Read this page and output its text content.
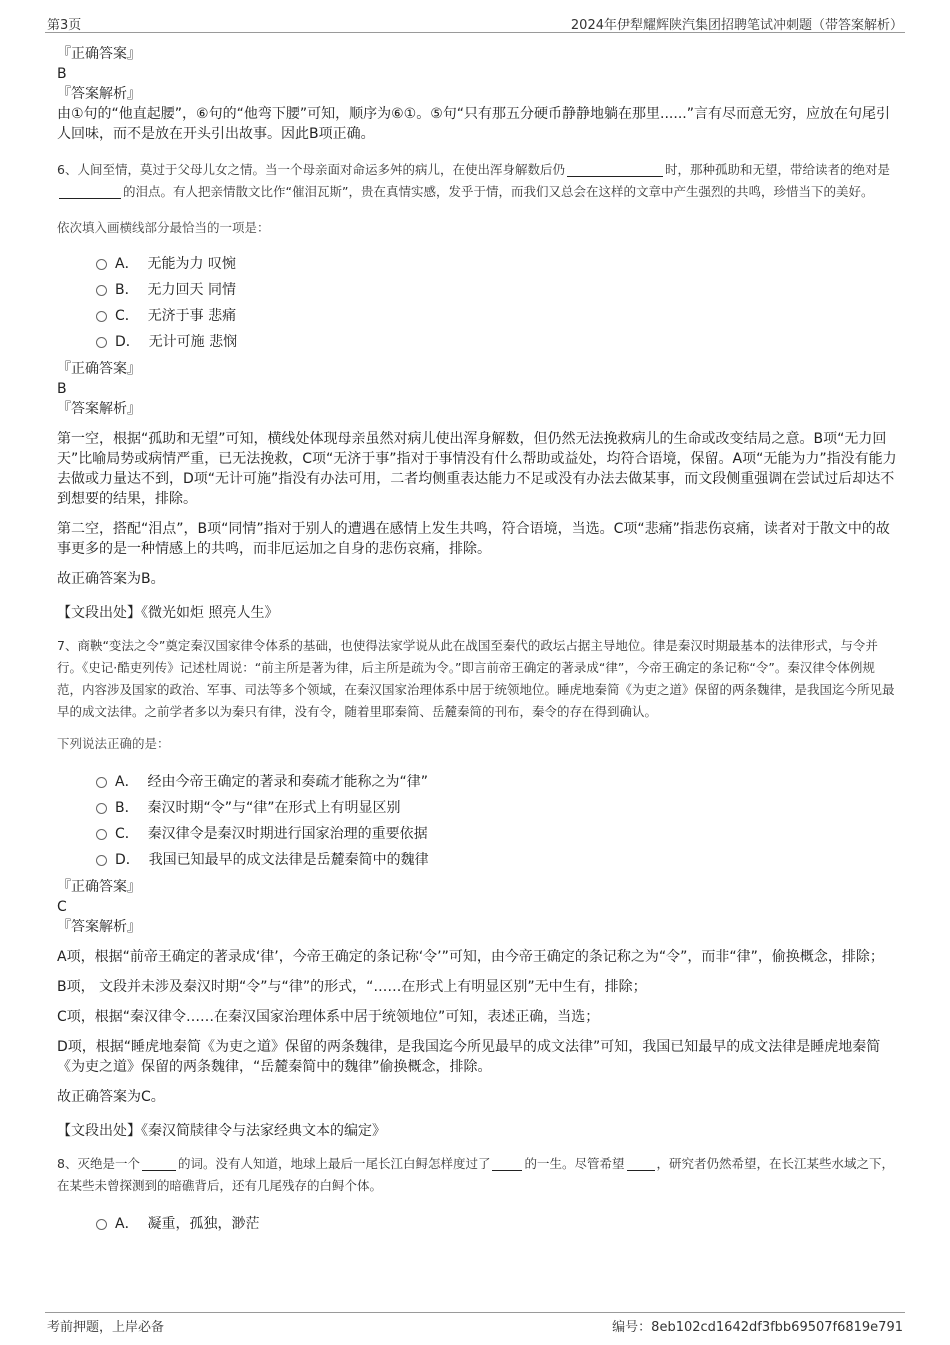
第3页	2024年伊犁耀辉陕汽集团招聘笔试冲刺题（带答案解析）
『正确答案』
B
『答案解析』
由①句的“他直起腰”，⑥句的“他弯下腰”可知，顺序为⑥①。⑤句“只有那五分硬币静静地躺在那里......”言有尽而意无穷，应放在句尾引人回味，而不是放在开头引出故事。因此B项正确。
6、人间至情，莫过于父母儿女之情。当一个母亲面对命运多舛的病儿，在使出浑身解数后仍	时，那种孤助和无望，带给读者的绝对是的泪点。有人把亲情散文比作“催泪瓦斯”，贵在真情实感，发乎于情，而我们又总会在这样的文章中产生强烈的共鸣，珍惜当下的美好。
依次填入画横线部分最恰当的一项是：
A． 无能为力 叹惋
B． 无力回天 同情
C． 无济于事 悲痛
D． 无计可施 悲悯
『正确答案』
B
『答案解析』
第一空，根据“孤助和无望”可知，横线处体现母亲虽然对病儿使出浑身解数，但仍然无法挽救病儿的生命或改变结局之意。B项“无力回天”比喻局势或病情严重，已无法挽救，C项“无济于事”指对于事情没有什么帮助或益处，均符合语境，保留。A项“无能为力”指没有能力去做或力量达不到，D项“无计可施”指没有办法可用，二者均侧重表达能力不足或没有办法去做某事，而文段侧重强调在尝试过后却达不到想要的结果，排除。
第二空，搭配“泪点”，B项“同情”指对于别人的遭遇在感情上发生共鸣，符合语境，当选。C项“悲痛”指悲伤哀痛，读者对于散文中的故事更多的是一种情感上的共鸣，而非厄运加之自身的悲伤哀痛，排除。
故正确答案为B。
【文段出处】《微光如炬 照亮人生》
7、商鞅“变法之令”奠定秦汉国家律令体系的基础，也使得法家学说从此在战国至秦代的政坛占据主导地位。律是秦汉时期最基本的法律形式，与令并行。《史记·酷吏列传》记述杜周说：“前主所是著为律，后主所是疏为令。”即言前帝王确定的著录成“律”，今帝王确定的条记称“令”。秦汉律令体例规范，内容涉及国家的政治、军事、司法等多个领域，在秦汉国家治理体系中居于统领地位。睡虎地秦简《为吏之道》保留的两条魏律，是我国迄今所见最早的成文法律。之前学者多以为秦只有律，没有令，随着里耶秦简、岳麓秦简的刊布，秦令的存在得到确认。
下列说法正确的是：
A． 经由今帝王确定的著录和奏疏才能称之为“律”
B． 秦汉时期“令”与“律”在形式上有明显区别
C． 秦汉律令是秦汉时期进行国家治理的重要依据
D． 我国已知最早的成文法律是岳麓秦简中的魏律
『正确答案』
C
『答案解析』
A项，根据“前帝王确定的著录成‘律’，今帝王确定的条记称‘令’”可知，由今帝王确定的条记称之为“令”，而非“律”，偷换概念，排除；
B项， 文段并未涉及秦汉时期“令”与“律”的形式，“……在形式上有明显区别”无中生有，排除；
C项，根据“秦汉律令……在秦汉国家治理体系中居于统领地位”可知，表述正确，当选；
D项，根据“睡虎地秦简《为吏之道》保留的两条魏律，是我国迄今所见最早的成文法律”可知，我国已知最早的成文法律是睡虎地秦简《为吏之道》保留的两条魏律，“岳麓秦简中的魏律”偷换概念，排除。
故正确答案为C。
【文段出处】《秦汉简牍律令与法家经典文本的编定》
8、灭绝是一个	的词。没有人知道，地球上最后一尾长江白鲟怎样度过了	的一生。尽管希望	，研究者仍然希望，在长江某些水域之下，在某些未曾探测到的暗礁背后，还有几尾残存的白鲟个体。
A． 凝重，孤独，渺茫
考前押题，上岸必备	编号：8eb102cd1642df3fbb69507f6819e791
